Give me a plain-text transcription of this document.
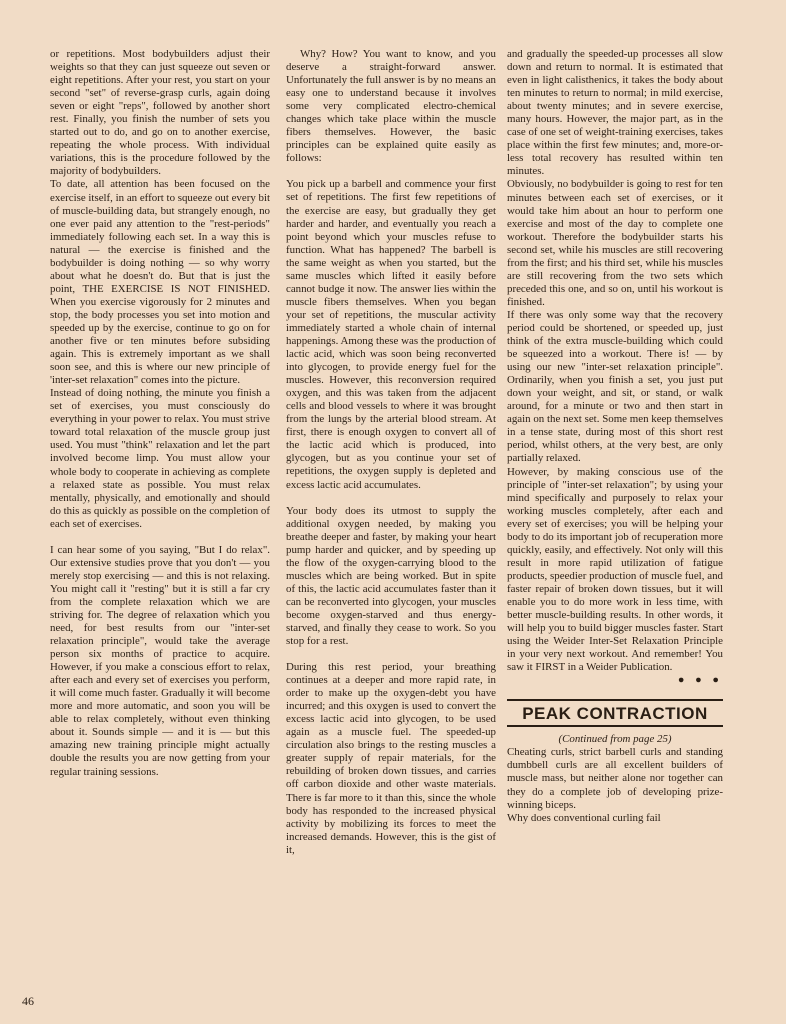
or repetitions. Most bodybuilders adjust their weights so that they can just squeeze out seven or eight repetitions. After your rest, you start on your second "set" of reverse-grasp curls, again doing seven or eight "reps", followed by another short rest. Finally, you finish the number of sets you started out to do, and go on to another exercise, repeating the whole process. With individual variations, this is the procedure followed by the majority of bodybuilders.

To date, all attention has been focused on the exercise itself, in an effort to squeeze out every bit of muscle-building data, but strangely enough, no one ever paid any attention to the "rest-periods" immediately following each set. In a way this is natural — the exercise is finished and the bodybuilder is doing nothing — so why worry about what he doesn't do. But that is just the point, THE EXERCISE IS NOT FINISHED. When you exercise vigorously for 2 minutes and stop, the body processes you set into motion and speeded up by the exercise, continue to go on for another five or ten minutes before subsiding again. This is extremely important as we shall soon see, and this is where our new principle of 'inter-set relaxation" comes into the picture.

Instead of doing nothing, the minute you finish a set of exercises, you must consciously do everything in your power to relax. You must strive toward total relaxation of the muscle group just used. You must "think" relaxation and let the part involved become limp. You must allow your whole body to cooperate in achieving as complete a relaxed state as possible. You must relax mentally, physically, and emotionally and should do this as quickly as possible on the completion of each set of exercises.

I can hear some of you saying, "But I do relax". Our extensive studies prove that you don't — you merely stop exercising — and this is not relaxing. You might call it "resting" but it is still a far cry from the complete relaxation which we are striving for. The degree of relaxation which you need, for best results from our "inter-set relaxation principle", would take the average person six months of practice to acquire. However, if you make a conscious effort to relax, after each and every set of exercises you perform, it will come much faster. Gradually it will become more and more automatic, and soon you will be able to relax completely, without even thinking about it. Sounds simple — and it is — but this amazing new training principle might actually double the results you are now getting from your regular training sessions.

Why? How? You want to know, and you deserve a straight-forward answer. Unfortunately the full answer is by no means an easy one to understand because it involves some very complicated electro-chemical changes which take place within the muscle fibers themselves. However, the basic principles can be explained quite easily as follows:

You pick up a barbell and commence your first set of repetitions. The first few repetitions of the exercise are easy, but gradually they get harder and harder, and eventually you reach a point beyond which your muscles refuse to function. What has happened? The barbell is the same weight as when you started, but the same muscles which lifted it easily before cannot budge it now. The answer lies within the muscle fibers themselves. When you began your set of repetitions, the muscular activity immediately started a whole chain of internal happenings. Among these was the production of lactic acid, which was soon being reconverted into glycogen, to provide energy fuel for the muscles. However, this reconversion required oxygen, and this was taken from the adjacent cells and blood vessels to where it was brought from the lungs by the arterial blood stream. At first, there is enough oxygen to convert all of the lactic acid which is produced, into glycogen, but as you continue your set of repetitions, the oxygen supply is depleted and excess lactic acid accumulates.

Your body does its utmost to supply the additional oxygen needed, by making you breathe deeper and faster, by making your heart pump harder and quicker, and by speeding up the flow of the oxygen-carrying blood to the muscles which are being worked. But in spite of this, the lactic acid accumulates faster than it can be reconverted into glycogen, your muscles become oxygen-starved and thus energy-starved, and finally they cease to work. So you stop for a rest.

During this rest period, your breathing continues at a deeper and more rapid rate, in order to make up the oxygen-debt you have incurred; and this oxygen is used to convert the excess lactic acid into glycogen, to be used again as a muscle fuel. The speeded-up circulation also brings to the resting muscles a greater supply of repair materials, for the rebuilding of broken down tissues, and carries off carbon dioxide and other waste materials. There is far more to it than this, since the whole body has responded to the increased physical activity by mobilizing its forces to meet the increased demands. However, this is the gist of it,

and gradually the speeded-up processes all slow down and return to normal. It is estimated that even in light calisthenics, it takes the body about ten minutes to return to normal; in mild exercise, about twenty minutes; and in severe exercise, many hours. However, the major part, as in the case of one set of weight-training exercises, takes place within the first few minutes; and, more-or-less total recovery has resulted within ten minutes.

Obviously, no bodybuilder is going to rest for ten minutes between each set of exercises, or it would take him about an hour to perform one exercise and most of the day to complete one workout. Therefore the bodybuilder starts his second set, while his muscles are still recovering from the first; and his third set, while his muscles are still recovering from the two sets which preceded this one, and so on, until his workout is finished.

If there was only some way that the recovery period could be shortened, or speeded up, just think of the extra muscle-building which could be squeezed into a workout. There is! — by using our new "inter-set relaxation principle". Ordinarily, when you finish a set, you just put down your weight, and sit, or stand, or walk around, for a minute or two and then start in again on the next set. Some men keep themselves in a tense state, during most of this short rest period, whilst others, at the very best, are only partially relaxed.

However, by making conscious use of the principle of "inter-set relaxation"; by using your mind specifically and purposely to relax your working muscles completely, after each and every set of exercises; you will be helping your body to do its important job of recuperation more quickly, easily, and effectively. Not only will this result in more rapid utilization of fatigue products, speedier production of muscle fuel, and faster repair of broken down tissues, but it will enable you to do more work in less time, with better muscle-building results. In other words, it will help you to build bigger muscles faster. Start using the Weider Inter-Set Relaxation Principle in your very next workout. And remember! You saw it FIRST in a Weider Publication.

● ● ●

PEAK CONTRACTION

(Continued from page 25)

Cheating curls, strict barbell curls and standing dumbbell curls are all excellent builders of muscle mass, but neither alone nor together can they do a complete job of developing prize-winning biceps.

Why does conventional curling fail

46
